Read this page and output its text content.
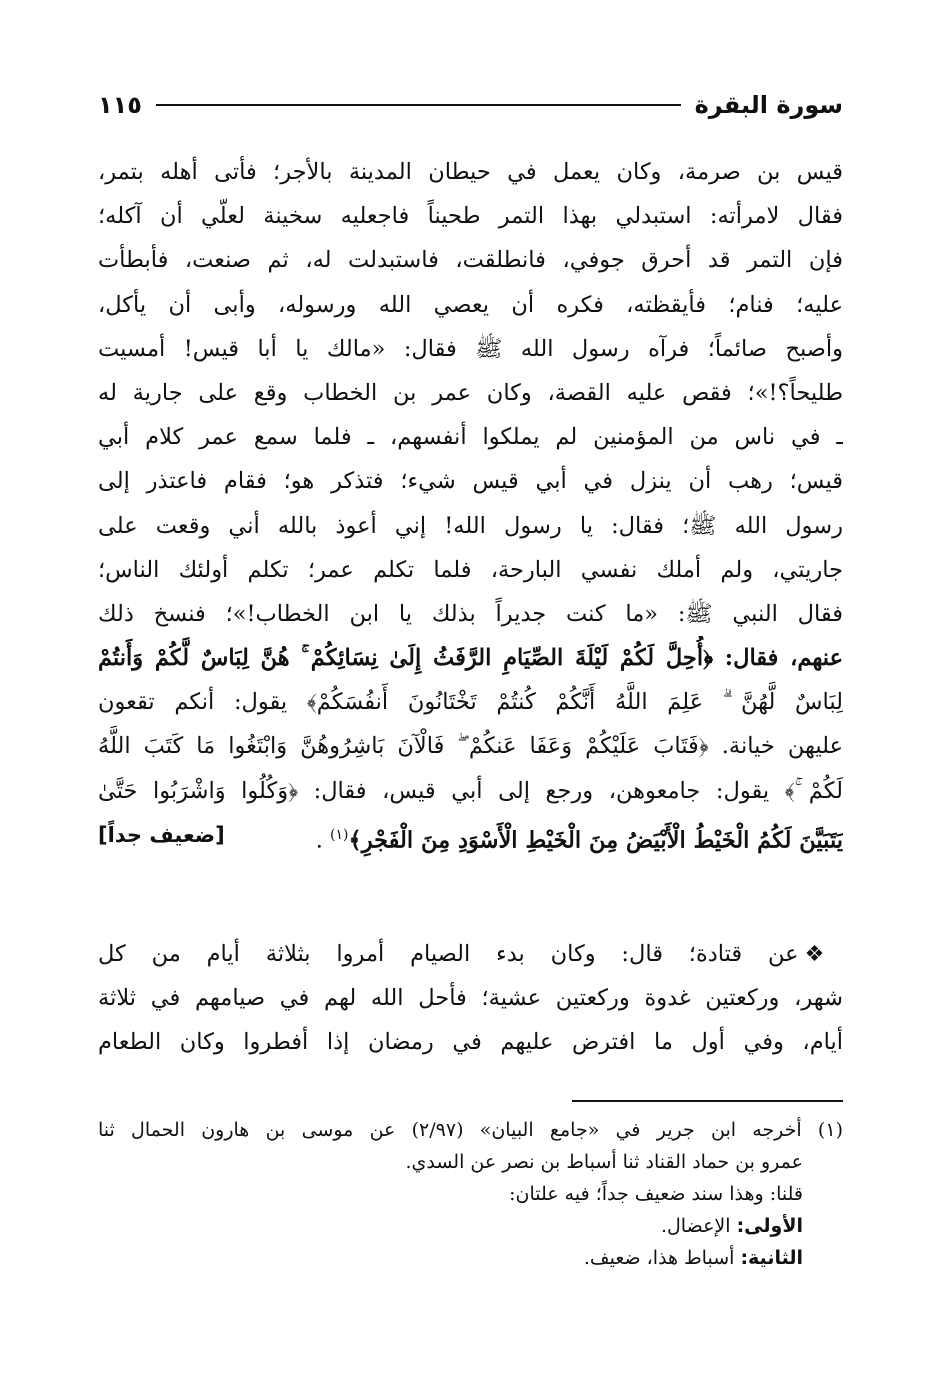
سورة البقرة
١١٥
قيس بن صرمة، وكان يعمل في حيطان المدينة بالأجر؛ فأتى أهله بتمر،
فقال لامرأته: استبدلي بهذا التمر طحيناً فاجعليه سخينة لعلّي أن آكله؛
فإن التمر قد أحرق جوفي، فانطلقت، فاستبدلت له، ثم صنعت، فأبطأت
عليه؛ فنام؛ فأيقظته، فكره أن يعصي الله ورسوله، وأبى أن يأكل،
وأصبح صائماً؛ فرآه رسول الله ﷺ فقال: «مالك يا أبا قيس! أمسيت
طليحاً؟!»؛ فقص عليه القصة، وكان عمر بن الخطاب وقع على جارية له
ـ في ناس من المؤمنين لم يملكوا أنفسهم، ـ فلما سمع عمر كلام أبي
قيس؛ رهب أن ينزل في أبي قيس شيء؛ فتذكر هو؛ فقام فاعتذر إلى
رسول الله ﷺ؛ فقال: يا رسول الله! إني أعوذ بالله أني وقعت على
جاريتي، ولم أملك نفسي البارحة، فلما تكلم عمر؛ تكلم أولئك الناس؛
فقال النبي ﷺ: «ما كنت جديراً بذلك يا ابن الخطاب!»؛ فنسخ ذلك
عنهم، فقال: ﴿أُحِلَّ لَكُمْ لَيْلَةَ الصِّيَامِ الرَّفَثُ إِلَىٰ نِسَائِكُمْ ۚ هُنَّ لِبَاسٌ لَّكُمْ وَأَنتُمْ
لِبَاسٌ لَّهُنَّ ۗ عَلِمَ اللَّهُ أَنَّكُمْ كُنتُمْ تَخْتَانُونَ أَنفُسَكُمْ﴾ يقول: أنكم تقعون
عليهن خيانة. ﴿فَتَابَ عَلَيْكُمْ وَعَفَا عَنكُمْ ۖ فَالْآنَ بَاشِرُوهُنَّ وَابْتَغُوا مَا كَتَبَ اللَّهُ
لَكُمْ ۚ﴾ يقول: جامعوهن، ورجع إلى أبي قيس، فقال: ﴿وَكُلُوا وَاشْرَبُوا حَتَّىٰ
يَتَبَيَّنَ لَكُمُ الْخَيْطُ الْأَبْيَضُ مِنَ الْخَيْطِ الْأَسْوَدِ مِنَ الْفَجْرِ﴾$^{(١)}$ .
[ضعيف جداً]
❖عن قتادة؛ قال: وكان بدء الصيام أمروا بثلاثة أيام من كل
شهر، وركعتين غدوة وركعتين عشية؛ فأحل الله لهم في صيامهم في ثلاثة
أيام، وفي أول ما افترض عليهم في رمضان إذا أفطروا وكان الطعام
(١) أخرجه ابن جرير في «جامع البيان» (٢/٩٧) عن موسى بن هارون الحمال ثنا
عمرو بن حماد القناد ثنا أسباط بن نصر عن السدي.
قلنا: وهذا سند ضعيف جداً؛ فيه علتان:
الأولى: الإعضال.
الثانية: أسباط هذا، ضعيف.
